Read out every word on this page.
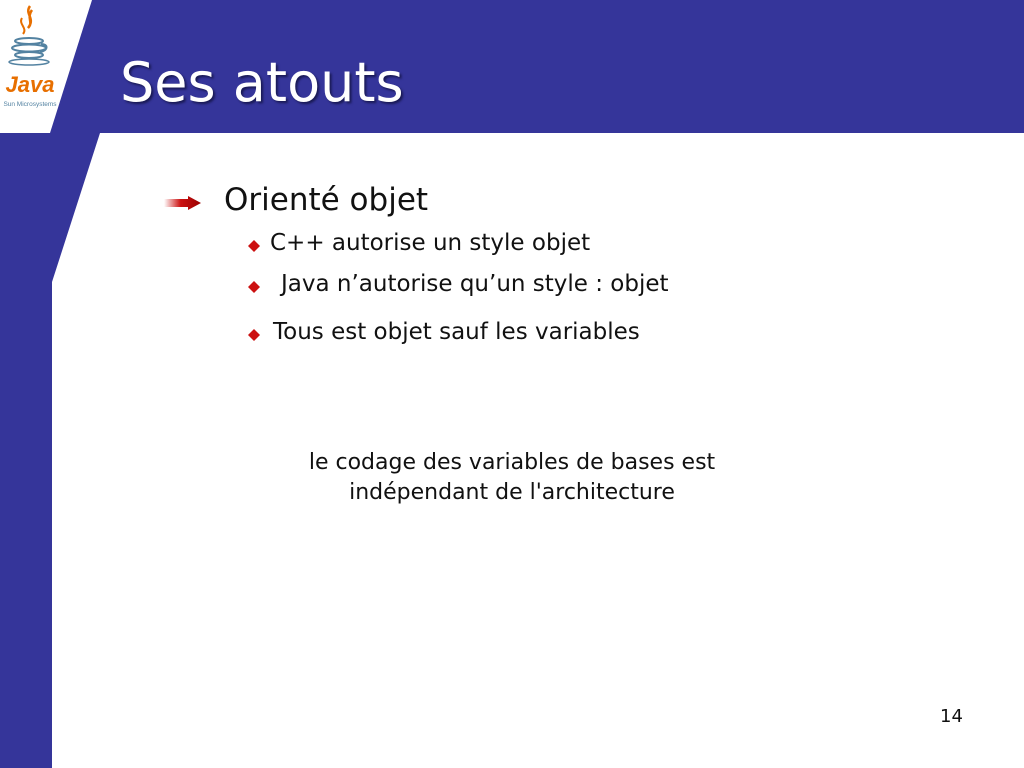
Java
Sun Microsystems Ses atouts
Orienté objet
C++ autorise un style objet
Java n’autorise qu’un style : objet
Tous est objet sauf les variables
le codage des variables de bases est
indépendant de l'architecture
14
